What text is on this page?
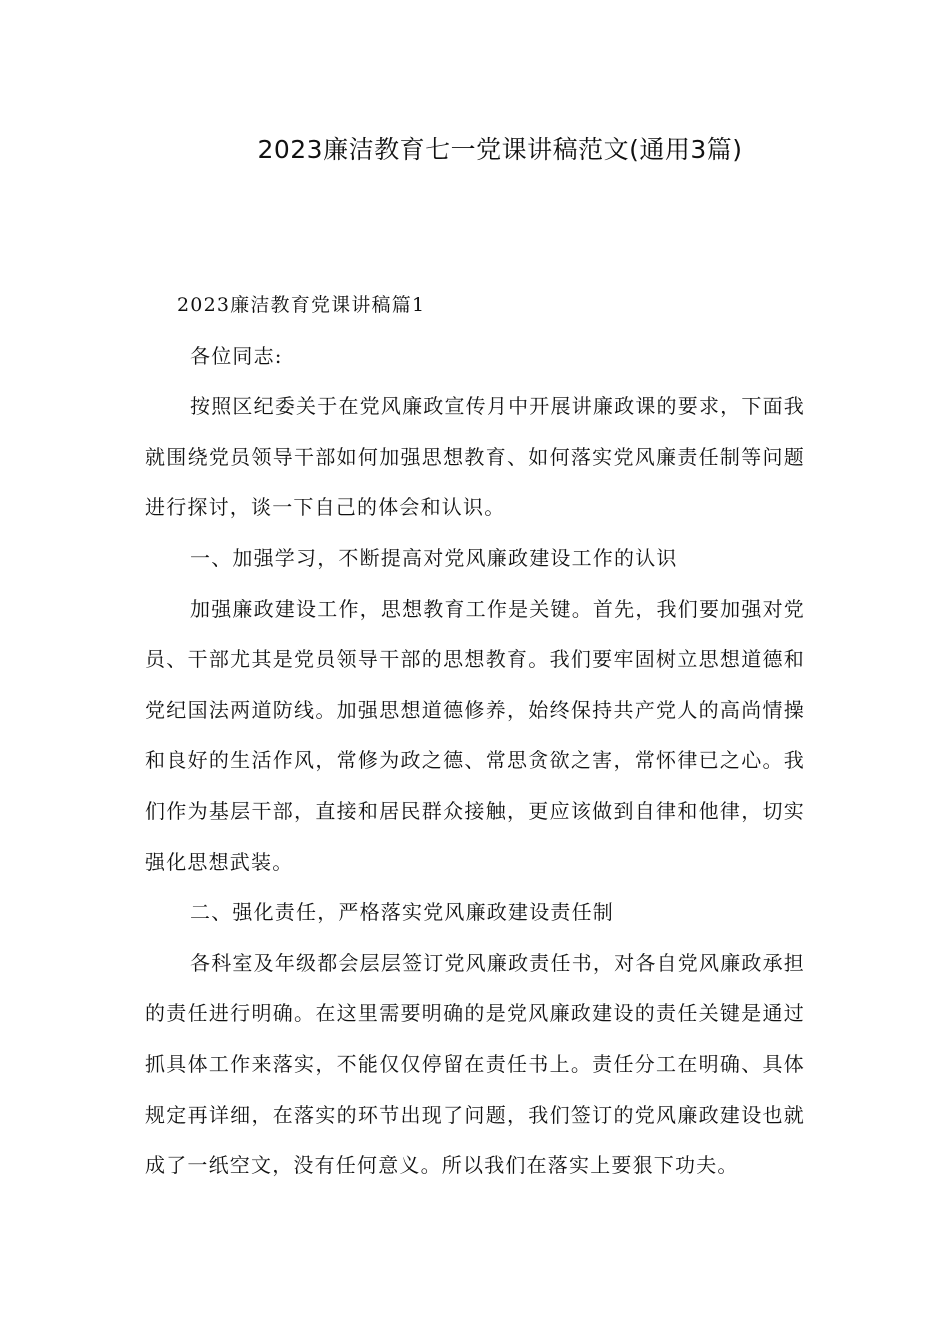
2023廉洁教育七一党课讲稿范文(通用3篇)

2023廉洁教育党课讲稿篇1

各位同志:

按照区纪委关于在党风廉政宣传月中开展讲廉政课的要求，下面我就围绕党员领导干部如何加强思想教育、如何落实党风廉责任制等问题进行探讨，谈一下自己的体会和认识。

一、加强学习，不断提高对党风廉政建设工作的认识

加强廉政建设工作，思想教育工作是关键。首先，我们要加强对党员、干部尤其是党员领导干部的思想教育。我们要牢固树立思想道德和党纪国法两道防线。加强思想道德修养，始终保持共产党人的高尚情操和良好的生活作风，常修为政之德、常思贪欲之害，常怀律已之心。我们作为基层干部，直接和居民群众接触，更应该做到自律和他律，切实强化思想武装。

二、强化责任，严格落实党风廉政建设责任制

各科室及年级都会层层签订党风廉政责任书，对各自党风廉政承担的责任进行明确。在这里需要明确的是党风廉政建设的责任关键是通过抓具体工作来落实，不能仅仅停留在责任书上。责任分工在明确、具体规定再详细，在落实的环节出现了问题，我们签订的党风廉政建设也就成了一纸空文，没有任何意义。所以我们在落实上要狠下功夫。
